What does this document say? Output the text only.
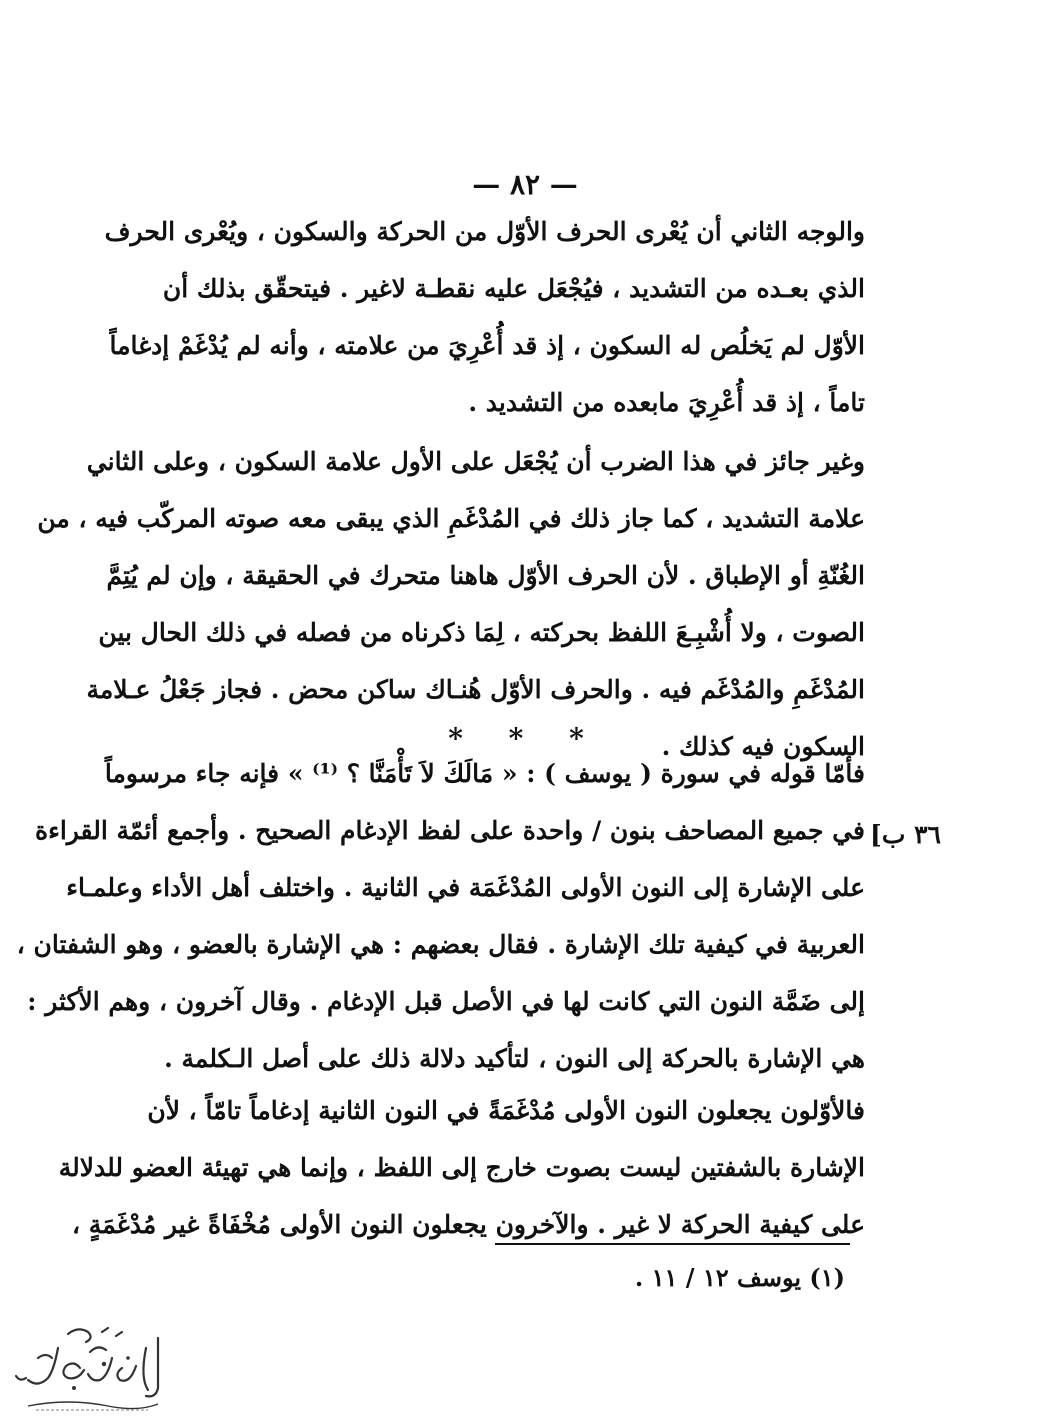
— ٨٢ —
والوجه الثاني أن يُعْرى الحرف الأوّل من الحركة والسكون ، ويُعْرى الحرف
الذي بعـده من التشديد ، فيُجْعَل عليه نقطـة لاغير . فيتحقّق بذلك أن
الأوّل لم يَخلُص له السكون ، إذ قد أُعْرِيَ من علامته ، وأنه لم يُدْغَمْ إدغاماً
تاماً ، إذ قد أُعْرِيَ مابعده من التشديد .
وغير جائز في هذا الضرب أن يُجْعَل على الأول علامة السكون ، وعلى الثاني
علامة التشديد ، كما جاز ذلك في المُدْغَمِ الذي يبقى معه صوته المركّب فيه ، من
الغُنّةِ أو الإطباق . لأن الحرف الأوّل هاهنا متحرك في الحقيقة ، وإن لم يُتِمَّ
الصوت ، ولا أُشْبِـعَ اللفظ بحركته ، لِمَا ذكرناه من فصله في ذلك الحال بين
المُدْغَمِ والمُدْغَم فيه . والحرف الأوّل هُنـاك ساكن محض . فجاز جَعْلُ عـلامة
السكون فيه كذلك .
* * *
فأمّا قوله في سورة ( يوسف ) : « مَالَكَ لاَ تَأْمَنَّا ؟ ⁽¹⁾ » فإنه جاء مرسوماً
في جميع المصاحف بنون / واحدة على لفظ الإدغام الصحيح . وأجمع أئمّة القراءة
على الإشارة إلى النون الأولى المُدْغَمَة في الثانية . واختلف أهل الأداء وعلمـاء
العربية في كيفية تلك الإشارة . فقال بعضهم : هي الإشارة بالعضو ، وهو الشفتان ،
إلى ضَمَّة النون التي كانت لها في الأصل قبل الإدغام . وقال آخرون ، وهم الأكثر :
هي الإشارة بالحركة إلى النون ، لتأكيد دلالة ذلك على أصل الـكلمة .
٣٦ ب]
فالأوّلون يجعلون النون الأولى مُدْغَمَةً في النون الثانية إدغاماً تامّاً ، لأن
الإشارة بالشفتين ليست بصوت خارج إلى اللفظ ، وإنما هي تهيئة العضو للدلالة
على كيفية الحركة لا غير . والآخرون يجعلون النون الأولى مُخْفَاةً غير مُدْغَمَةٍ ،
(١) يوسف ١٢ / ١١ .
